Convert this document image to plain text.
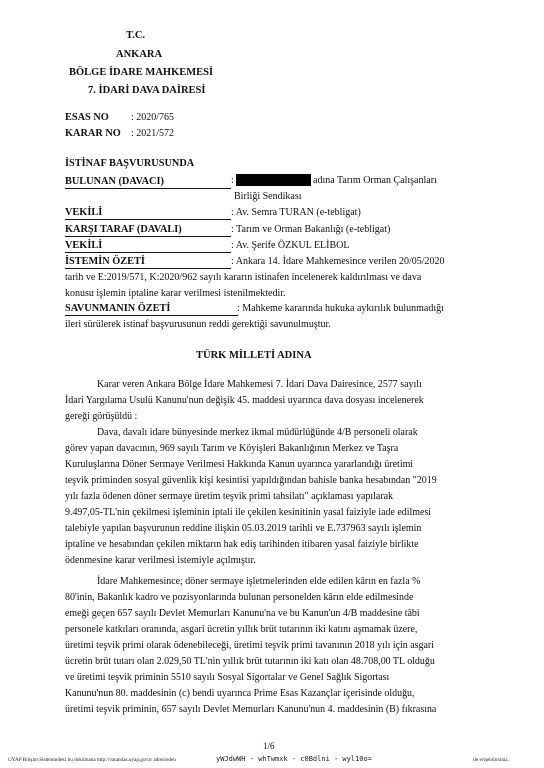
T.C.
ANKARA
BÖLGE İDARE MAHKEMESİ
7. İDARİ DAVA DAİRESİ
ESAS NO : 2020/765
KARAR NO : 2021/572
İSTİNAF BAŞVURUSUNDA
BULUNAN (DAVACI)	:	adına Tarım Orman Çalışanları
Birliği Sendikası
VEKİLİ	: Av. Semra TURAN (e-tebligat)
KARŞI TARAF (DAVALI)	: Tarım ve Orman Bakanlığı (e-tebligat)
VEKİLİ	: Av. Şerife ÖZKUL ELİBOL
İSTEMİN ÖZETİ	: Ankara 14. İdare Mahkemesince verilen 20/05/2020
tarih ve E:2019/571, K:2020/962 sayılı kararın istinafen incelenerek kaldırılması ve dava
konusu işlemin iptaline karar verilmesi istenilmektedir.
SAVUNMANIN ÖZETİ	: Mahkeme kararında hukuka aykırılık bulunmadığı
ileri sürülerek istinaf başvurusunun reddi gerektiği savunulmuştur.
TÜRK MİLLETİ ADINA
Karar veren Ankara Bölge İdare Mahkemesi 7. İdari Dava Dairesince, 2577 sayılı
İdari Yargılama Usulü Kanunu'nun değişik 45. maddesi uyarınca dava dosyası incelenerek
gereği görüşüldü :
Dava, davalı idare bünyesinde merkez ikmal müdürlüğünde 4/B personeli olarak
görev yapan davacının, 969 sayılı Tarım ve Köyişleri Bakanlığının Merkez ve Taşra
Kuruluşlarına Döner Sermaye Verilmesi Hakkında Kanun uyarınca yararlandığı üretimi
teşvik priminden sosyal güvenlik kişi kesintisi yapıldığından bahisle banka hesabından "2019
yılı fazla ödenen döner sermaye üretim teşvik primi tahsilatı" açıklaması yapılarak
9.497,05-TL'nin çekilmesi işleminin iptali ile çekilen kesinitinin yasal faiziyle iade edilmesi
talebiyle yapılan başvurunun reddine ilişkin 05.03.2019 tarihli ve E.737963 sayılı işlemin
iptaline ve hesabından çekilen miktarın hak ediş tarihinden itibaren yasal faiziyle birlikte
ödenmesine karar verilmesi istemiyle açılmıştır.
İdare Mahkemesince; döner sermaye işletmelerinden elde edilen kârın en fazla %
80'inin, Bakanlık kadro ve pozisyonlarında bulunan personelden kârın elde edilmesinde
emeği geçen 657 sayılı Devlet Memurları Kanunu'na ve bu Kanun'un 4/B maddesine tâbi
personele katkıları oranında, asgari ücretin yıllık brüt tutarının iki katını aşmamak üzere,
üretimi teşvik primi olarak ödenebileceği, üretimi teşvik primi tavanının 2018 yılı için asgari
ücretin brüt tutarı olan 2.029,50 TL'nin yıllık brüt tutarının iki katı olan 48.708,00 TL olduğu
ve üretimi teşvik priminin 5510 sayılı Sosyal Sigortalar ve Genel Sağlık Sigortası
Kanunu'nun 80. maddesinin (c) bendi uyarınca Prime Esas Kazançlar içerisinde olduğu,
üretimi teşvik priminin, 657 sayılı Devlet Memurları Kanunu'nun 4. maddesinin (B) fıkrasına
1/6
UYAP Bilişim Sistemindeki bu dokümana http://vatandas.uyap.gov.tr adresinden	yWJdwWH - whTwmxk - c0Bdlni - wyl10o=	ile erişebilirsiniz.
